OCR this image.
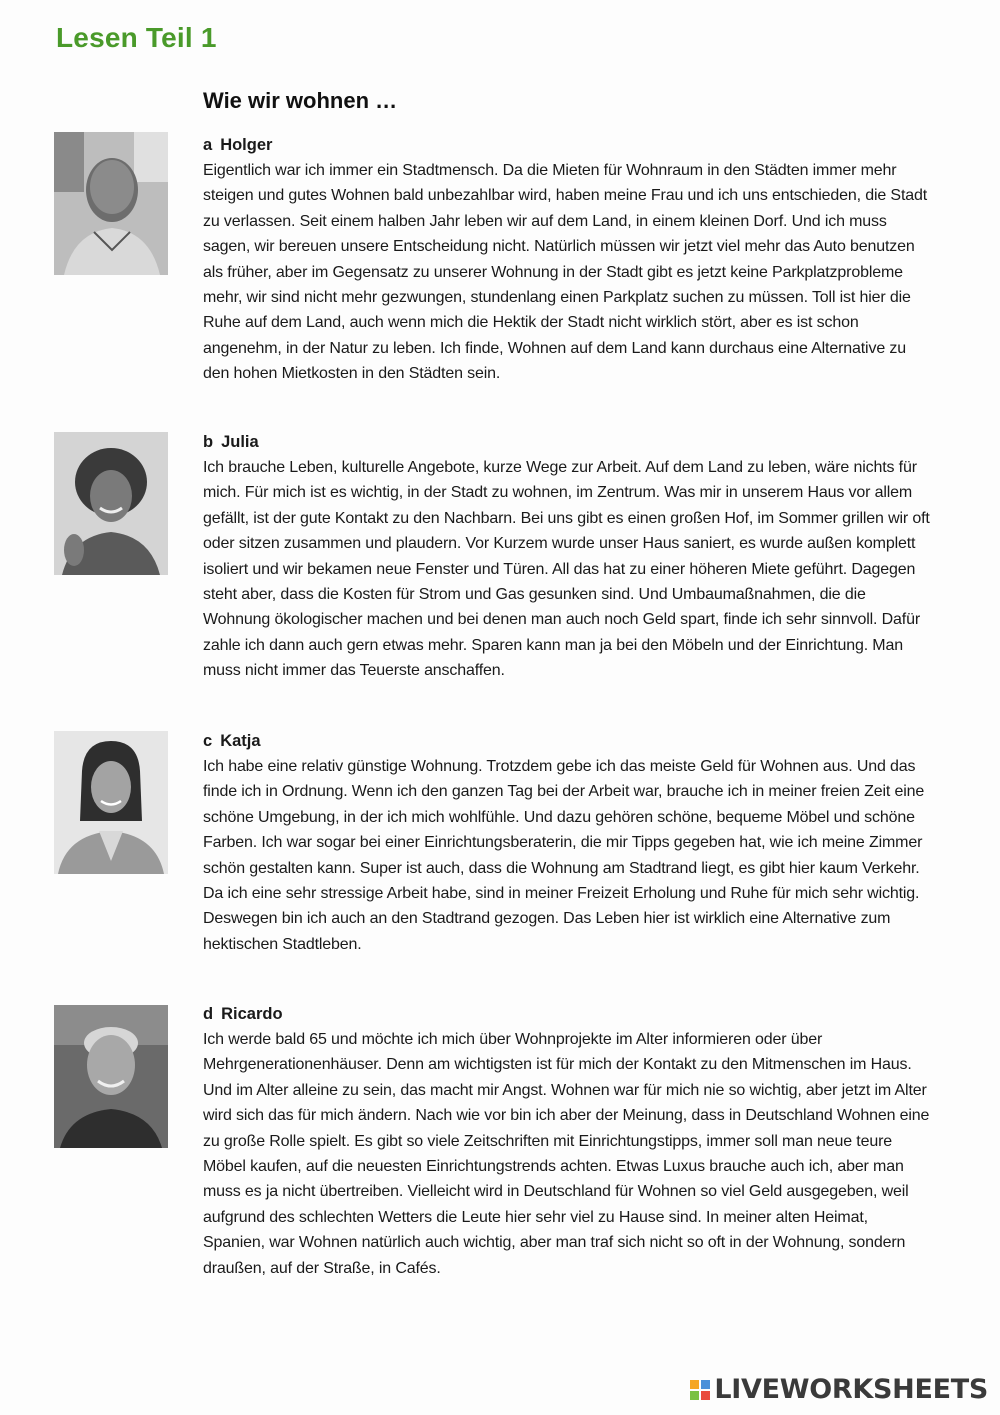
Lesen Teil 1
Wie wir wohnen …
a Holger

Eigentlich war ich immer ein Stadtmensch. Da die Mieten für Wohnraum in den Städten immer mehr steigen und gutes Wohnen bald unbezahlbar wird, haben meine Frau und ich uns entschieden, die Stadt zu verlassen. Seit einem halben Jahr leben wir auf dem Land, in einem kleinen Dorf. Und ich muss sagen, wir bereuen unsere Entscheidung nicht. Natürlich müssen wir jetzt viel mehr das Auto benutzen als früher, aber im Gegensatz zu unserer Wohnung in der Stadt gibt es jetzt keine Parkplatzprobleme mehr, wir sind nicht mehr gezwungen, stundenlang einen Parkplatz suchen zu müssen. Toll ist hier die Ruhe auf dem Land, auch wenn mich die Hektik der Stadt nicht wirklich stört, aber es ist schon angenehm, in der Natur zu leben. Ich finde, Wohnen auf dem Land kann durchaus eine Alternative zu den hohen Mietkosten in den Städten sein.

b Julia

Ich brauche Leben, kulturelle Angebote, kurze Wege zur Arbeit. Auf dem Land zu leben, wäre nichts für mich. Für mich ist es wichtig, in der Stadt zu wohnen, im Zentrum. Was mir in unserem Haus vor allem gefällt, ist der gute Kontakt zu den Nachbarn. Bei uns gibt es einen großen Hof, im Sommer grillen wir oft oder sitzen zusammen und plaudern. Vor Kurzem wurde unser Haus saniert, es wurde außen komplett isoliert und wir bekamen neue Fenster und Türen. All das hat zu einer höheren Miete geführt. Dagegen steht aber, dass die Kosten für Strom und Gas gesunken sind. Und Umbaumaßnahmen, die die Wohnung ökologischer machen und bei denen man auch noch Geld spart, finde ich sehr sinnvoll. Dafür zahle ich dann auch gern etwas mehr. Sparen kann man ja bei den Möbeln und der Einrichtung. Man muss nicht immer das Teuerste anschaffen.

c Katja

Ich habe eine relativ günstige Wohnung. Trotzdem gebe ich das meiste Geld für Wohnen aus. Und das finde ich in Ordnung. Wenn ich den ganzen Tag bei der Arbeit war, brauche ich in meiner freien Zeit eine schöne Umgebung, in der ich mich wohlfühle. Und dazu gehören schöne, bequeme Möbel und schöne Farben. Ich war sogar bei einer Einrichtungsberaterin, die mir Tipps gegeben hat, wie ich meine Zimmer schön gestalten kann. Super ist auch, dass die Wohnung am Stadtrand liegt, es gibt hier kaum Verkehr. Da ich eine sehr stressige Arbeit habe, sind in meiner Freizeit Erholung und Ruhe für mich sehr wichtig. Deswegen bin ich auch an den Stadtrand gezogen. Das Leben hier ist wirklich eine Alternative zum hektischen Stadtleben.

d Ricardo

Ich werde bald 65 und möchte ich mich über Wohnprojekte im Alter informieren oder über Mehrgenerationenhäuser. Denn am wichtigsten ist für mich der Kontakt zu den Mitmenschen im Haus. Und im Alter alleine zu sein, das macht mir Angst. Wohnen war für mich nie so wichtig, aber jetzt im Alter wird sich das für mich ändern. Nach wie vor bin ich aber der Meinung, dass in Deutschland Wohnen eine zu große Rolle spielt. Es gibt so viele Zeitschriften mit Einrichtungstipps, immer soll man neue teure Möbel kaufen, auf die neuesten Einrichtungstrends achten. Etwas Luxus brauche auch ich, aber man muss es ja nicht übertreiben. Vielleicht wird in Deutschland für Wohnen so viel Geld ausgegeben, weil aufgrund des schlechten Wetters die Leute hier sehr viel zu Hause sind. In meiner alten Heimat, Spanien, war Wohnen natürlich auch wichtig, aber man traf sich nicht so oft in der Wohnung, sondern draußen, auf der Straße, in Cafés.

LIVEWORKSHEETS
